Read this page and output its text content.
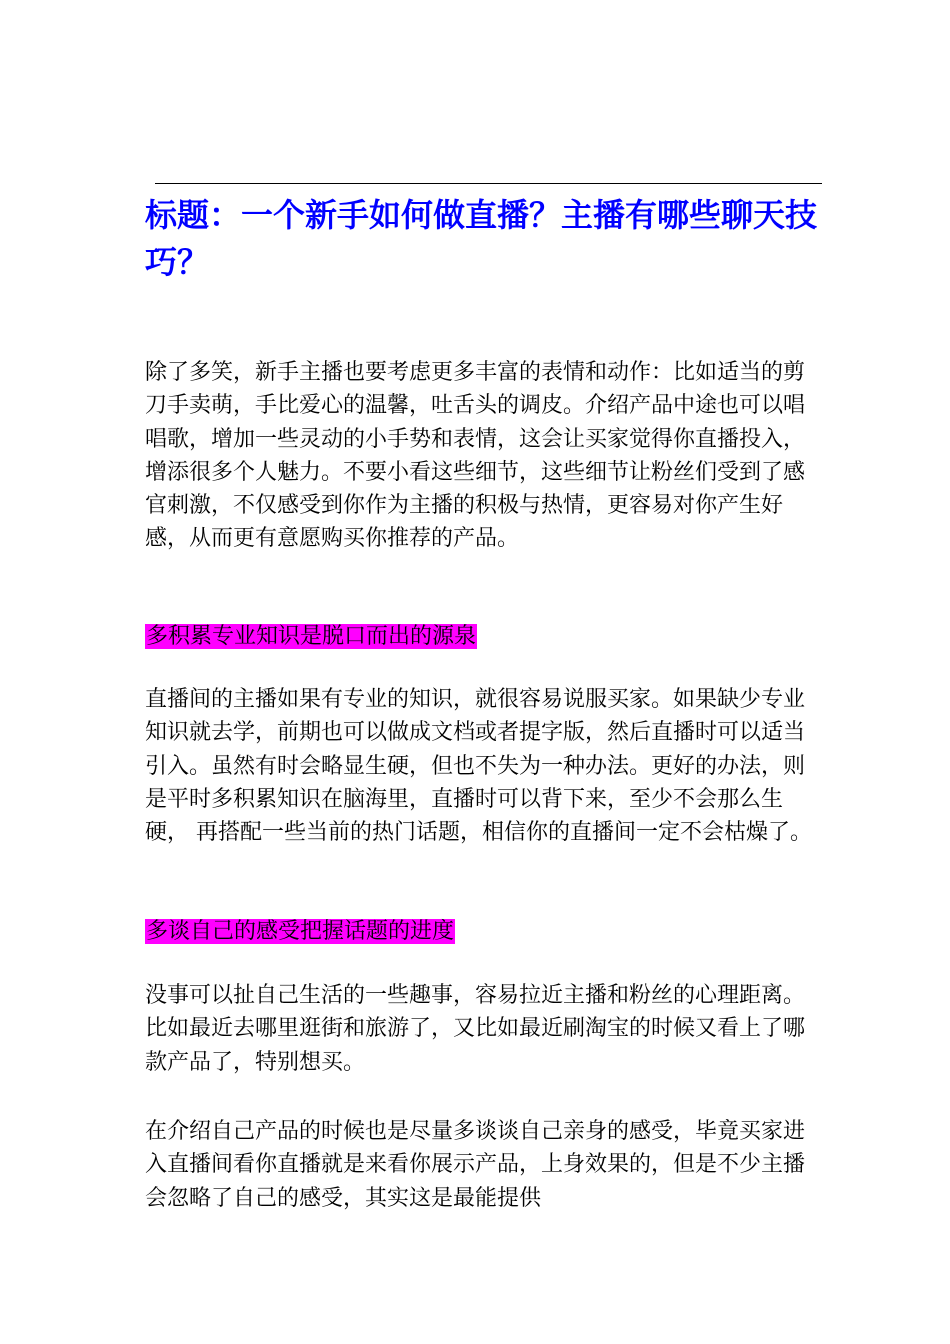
标题：一个新手如何做直播？主播有哪些聊天技巧？

除了多笑，新手主播也要考虑更多丰富的表情和动作：比如适当的剪刀手卖萌，手比爱心的温馨，吐舌头的调皮。介绍产品中途也可以唱唱歌，增加一些灵动的小手势和表情，这会让买家觉得你直播投入，增添很多个人魅力。不要小看这些细节，这些细节让粉丝们受到了感官刺激，不仅感受到你作为主播的积极与热情，更容易对你产生好感，从而更有意愿购买你推荐的产品。

多积累专业知识是脱口而出的源泉

直播间的主播如果有专业的知识，就很容易说服买家。如果缺少专业知识就去学，前期也可以做成文档或者提字版，然后直播时可以适当引入。虽然有时会略显生硬，但也不失为一种办法。更好的办法，则是平时多积累知识在脑海里，直播时可以背下来，至少不会那么生硬， 再搭配一些当前的热门话题，相信你的直播间一定不会枯燥了。

多谈自己的感受把握话题的进度

没事可以扯自己生活的一些趣事，容易拉近主播和粉丝的心理距离。比如最近去哪里逛街和旅游了，又比如最近刷淘宝的时候又看上了哪款产品了，特别想买。

在介绍自己产品的时候也是尽量多谈谈自己亲身的感受，毕竟买家进入直播间看你直播就是来看你展示产品，上身效果的，但是不少主播会忽略了自己的感受，其实这是最能提供
